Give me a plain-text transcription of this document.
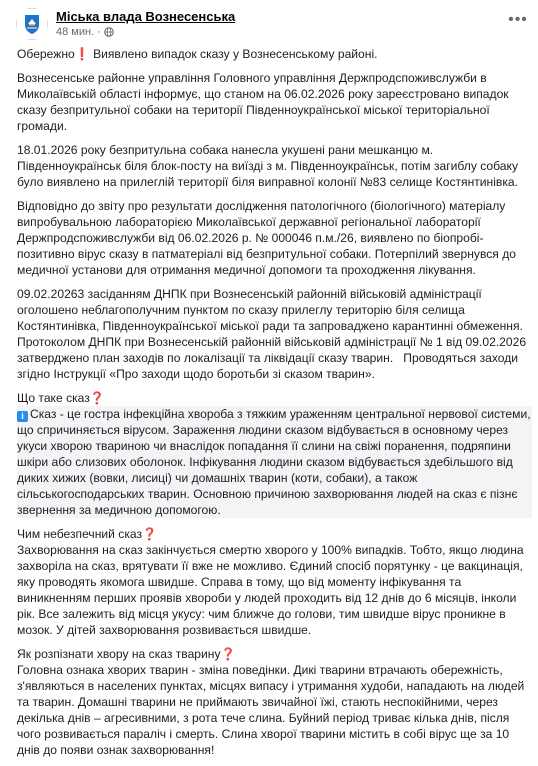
Міська влада Вознесенська
48 мин. ·
•••

Обережно❗ Виявлено випадок сказу у Вознесенському районі.

Вознесенське районне управління Головного управління Держпродспоживслужби в Миколаївській області інформує, що станом на 06.02.2026 року зареєстровано випадок сказу безпритульної собаки на території Південноукраїнської міської територіальної громади.

18.01.2026 року безпритульна собака нанесла укушені рани мешканцю м. Південноукраїнськ біля блок-посту на виїзді з м. Південноукраїнськ, потім загиблу собаку було виявлено на прилеглій території біля виправної колонії №83 селище Костянтинівка.

Відповідно до звіту про результати дослідження патологічного (біологічного) матеріалу випробувальною лабораторією Миколаївської державної регіональної лабораторії Держпродспоживслужби від 06.02.2026 р. № 000046 п.м./26, виявлено по біопробі-позитивно вірус сказу в патматеріалі від безпритульної собаки. Потерпілий звернувся до медичної установи для отримання медичної допомоги та проходження лікування.

09.02.20263 засіданням ДНПК при Вознесенській районній військовій адміністрації оголошено неблагополучним пунктом по сказу прилеглу територію біля селища Костянтинівка, Південноукраїнської міської ради та запроваджено карантинні обмеження. Протоколом ДНПК при Вознесенській районній військовій адміністрації № 1 від 09.02.2026 затверджено план заходів по локалізації та ліквідації сказу тварин.   Проводяться заходи згідно Інструкції «Про заходи щодо боротьби зі сказом тварин».

Що таке сказ❓

i Сказ - це гостра інфекційна хвороба з тяжким ураженням центральної нервової системи, що спричиняється вірусом. Зараження людини сказом відбувається в основному через укуси хворою твариною чи внаслідок попадання її слини на свіжі поранення, подряпини шкіри або слизових оболонок. Інфікування людини сказом відбувається здебільшого від диких хижих (вовки, лисиці) чи домашніх тварин (коти, собаки), а також сільськогосподарських тварин. Основною причиною захворювання людей на сказ є пізнє звернення за медичною допомогою.

Чим небезпечний сказ❓

Захворювання на сказ закінчується смертю хворого у 100% випадків. Тобто, якщо людина захворіла на сказ, врятувати її вже не можливо. Єдиний спосіб порятунку - це вакцинація, яку проводять якомога швидше. Справа в тому, що від моменту інфікування та виникненням перших проявів хвороби у людей проходить від 12 днів до 6 місяців, інколи рік. Все залежить від місця укусу: чим ближче до голови, тим швидше вірус проникне в мозок. У дітей захворювання розвивається швидше.

Як розпізнати хвору на сказ тварину❓

Головна ознака хворих тварин - зміна поведінки. Дикі тварини втрачають обережність, з'являються в населених пунктах, місцях випасу і утримання худоби, нападають на людей та тварин. Домашні тварини не приймають звичайної їжі, стають неспокійними, через декілька днів – агресивними, з рота тече слина. Буйний період триває кілька днів, після чого розвивається параліч і смерть. Слина хворої тварини містить в собі вірус ще за 10 днів до появи ознак захворювання!
